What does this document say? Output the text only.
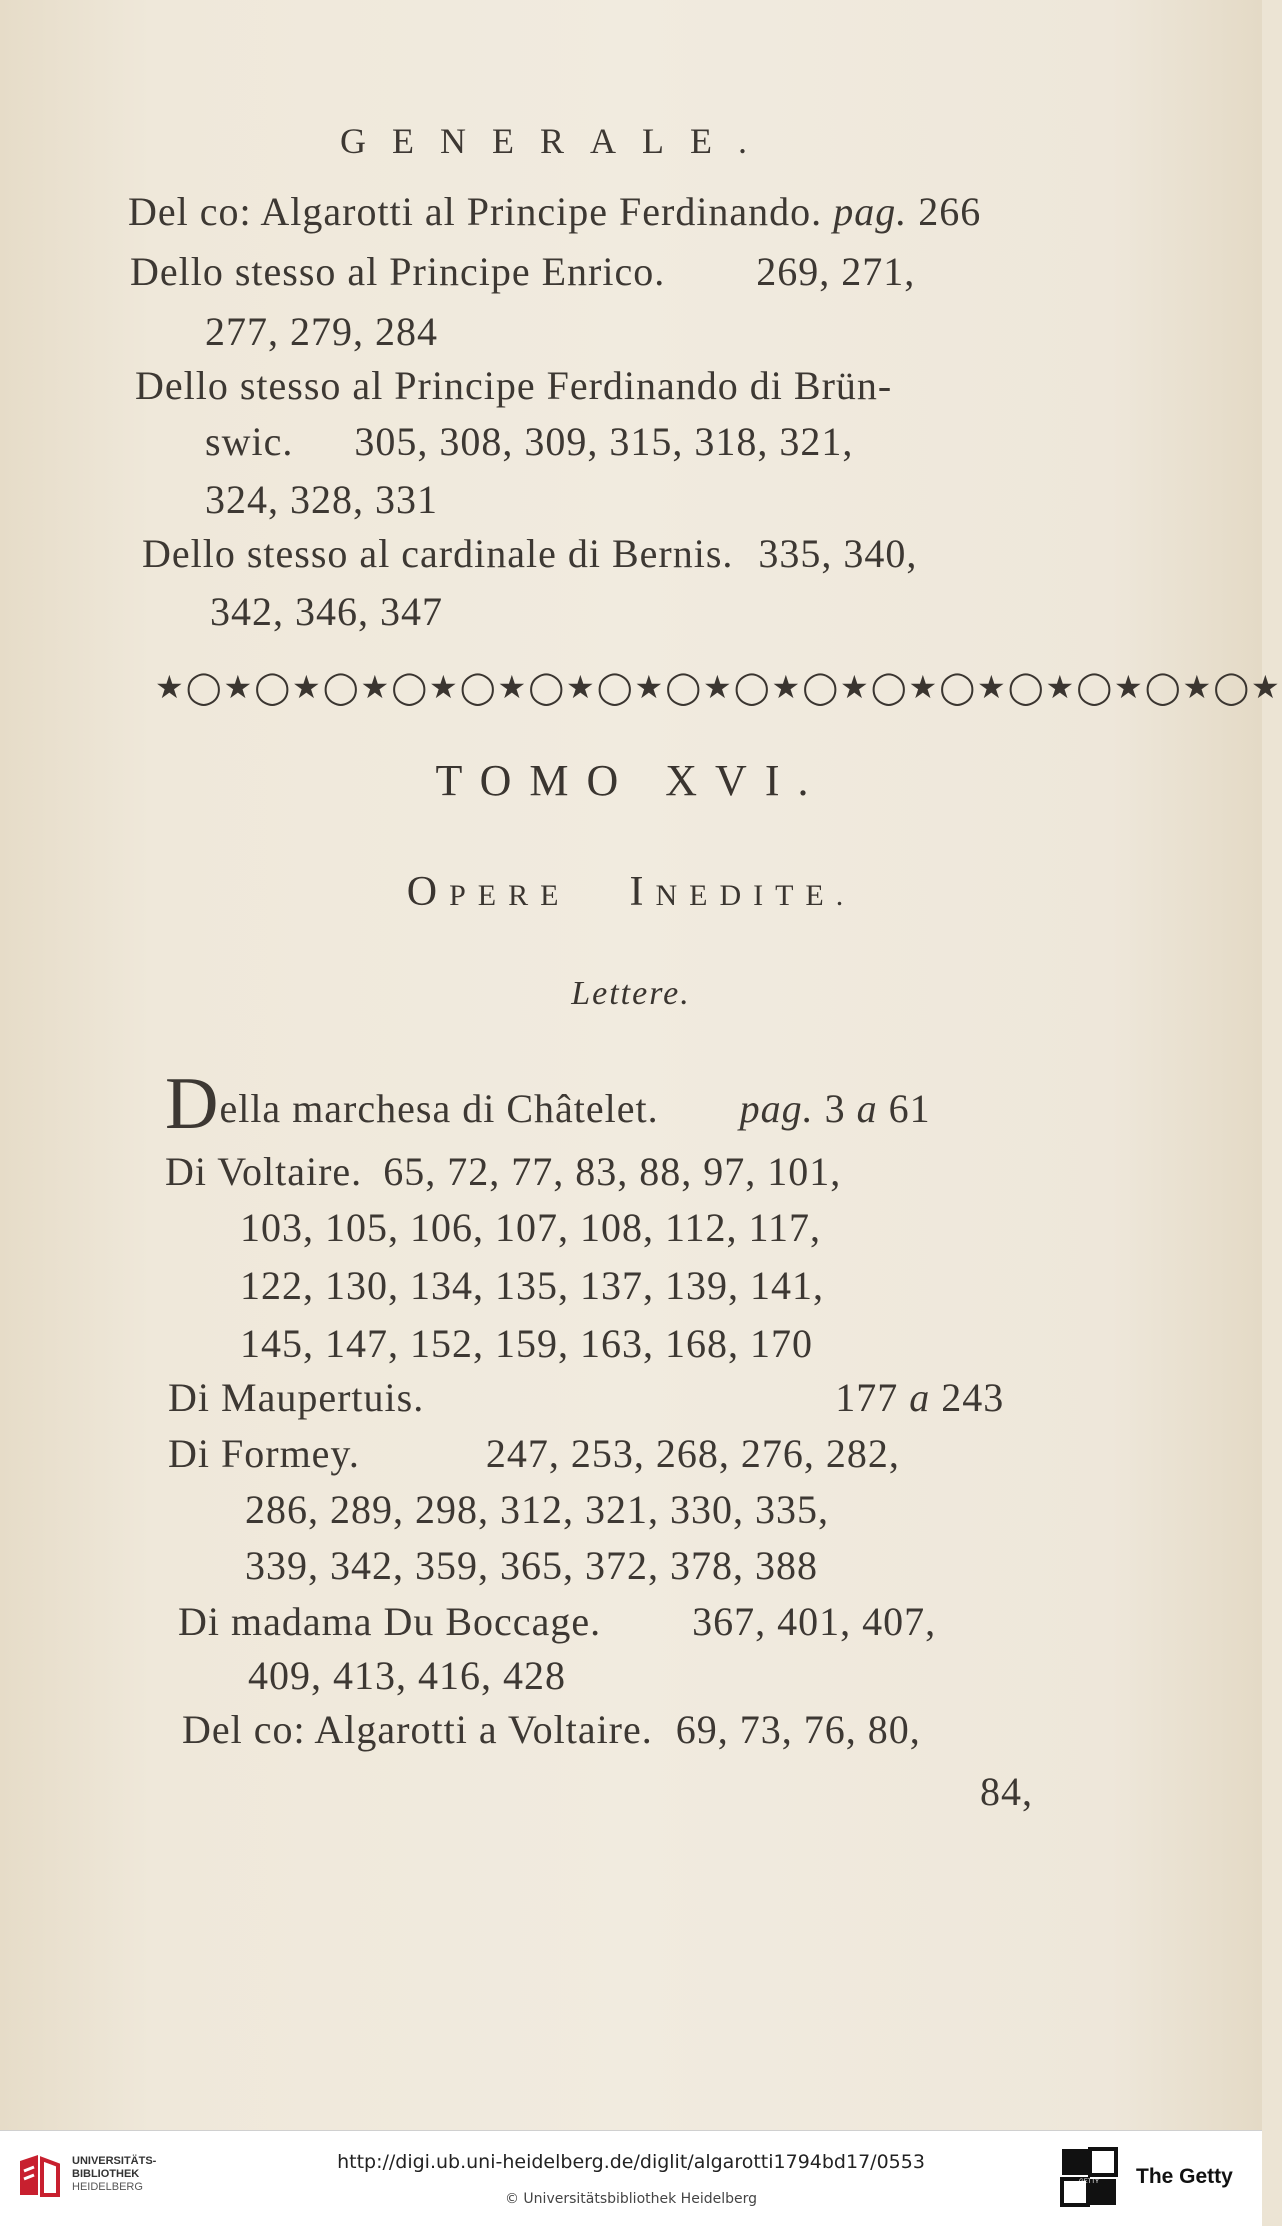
GENERALE.
Del co: Algarotti al Principe Ferdinando. pag. 266
Dello stesso al Principe Enrico. 269, 271,
277, 279, 284
Dello stesso al Principe Ferdinando di Brün-
swic. 305, 308, 309, 315, 318, 321,
324, 328, 331
Dello stesso al cardinale di Bernis. 335, 340,
342, 346, 347
★◯★◯★◯★◯★◯★◯★◯★◯★◯★◯★◯★◯★◯★◯★◯★◯★
TOMO XVI.
OPERE INEDITE.
Lettere.
Della marchesa di Châtelet. pag. 3 a 61
Di Voltaire. 65, 72, 77, 83, 88, 97, 101,
103, 105, 106, 107, 108, 112, 117,
122, 130, 134, 135, 137, 139, 141,
145, 147, 152, 159, 163, 168, 170
Di Maupertuis.	177 a 243
Di Formey.	247, 253, 268, 276, 282,
286, 289, 298, 312, 321, 330, 335,
339, 342, 359, 365, 372, 378, 388
Di madama Du Boccage. 367, 401, 407,
409, 413, 416, 428
Del co: Algarotti a Voltaire. 69, 73, 76, 80,
84,
UNIVERSITÄTS-
BIBLIOTHEK
HEIDELBERG
http://digi.ub.uni-heidelberg.de/diglit/algarotti1794bd17/0553
© Universitätsbibliothek Heidelberg
GETTY The Getty
